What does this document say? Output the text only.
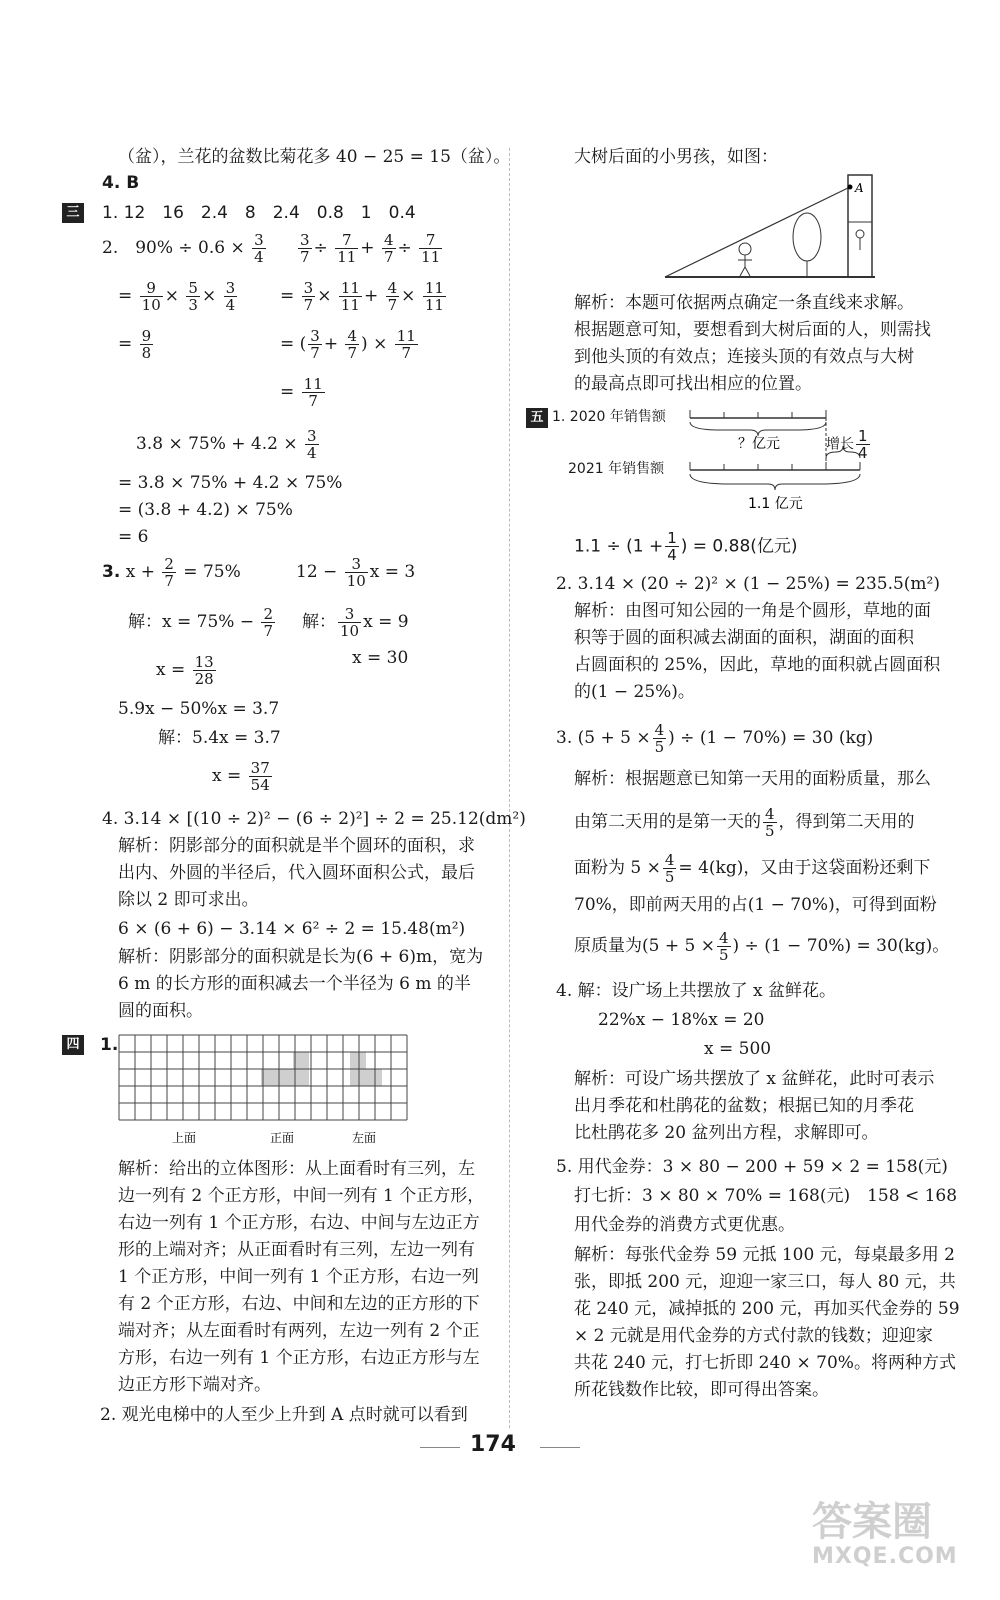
（盆），兰花的盆数比菊花多 40 − 25 = 15（盆）。
4. B
三 1. 12　16　2.4　8　2.4　0.8　1　0.4
2.　$90\% \div 0.6 \times \frac{3}{4}$
= $\frac{9}{10} \times \frac{5}{3} \times \frac{3}{4}$
= $\frac{9}{8}$
$\frac{3}{7} \div \frac{7}{11} + \frac{4}{7} \div \frac{7}{11}$
= $\frac{3}{7} \times \frac{11}{11} + \frac{4}{7} \times \frac{11}{11}$
= ( $\frac{3}{7} + \frac{4}{7}$ ) × $\frac{11}{7}$
= $\frac{11}{7}$
$3.8 \times 75\% + 4.2 \times \frac{3}{4}$
= 3.8 × 75% + 4.2 × 75%
= (3.8 + 4.2) × 75%
= 6
3. $x + \frac{2}{7} = 75\%$	$12 - \frac{3}{10}$ x = 3
解：$x = 75\% - \frac{2}{7}$ 解： $\frac{3}{10}$ x = 9
$x = \frac{13}{28}$	x = 30
5.9x − 50%x = 3.7
解：5.4x = 3.7
$x = \frac{37}{54}$
4. 3.14 × [(10 ÷ 2)² − (6 ÷ 2)²] ÷ 2 = 25.12(dm²)
解析：阴影部分的面积就是半个圆环的面积，求
出内、外圆的半径后，代入圆环面积公式，最后
除以 2 即可求出。
6 × (6 + 6) − 3.14 × 6² ÷ 2 = 15.48(m²)
解析：阴影部分的面积就是长为(6 + 6)m，宽为
6 m 的长方形的面积减去一个半径为 6 m 的半
圆的面积。
四 1.
上面	正面	左面
解析：给出的立体图形：从上面看时有三列，左
边一列有 2 个正方形，中间一列有 1 个正方形，
右边一列有 1 个正方形，右边、中间与左边正方
形的上端对齐；从正面看时有三列，左边一列有
1 个正方形，中间一列有 1 个正方形，右边一列
有 2 个正方形，右边、中间和左边的正方形的下
端对齐；从左面看时有两列，左边一列有 2 个正
方形，右边一列有 1 个正方形，右边正方形与左
边正方形下端对齐。
2. 观光电梯中的人至少上升到 A 点时就可以看到
大树后面的小男孩，如图：
A
解析：本题可依据两点确定一条直线来求解。
根据题意可知，要想看到大树后面的人，则需找
到他头顶的有效点；连接头顶的有效点与大树
的最高点即可找出相应的位置。
五 1. 2020 年销售额
2021 年销售额
？亿元
1.1 亿元
增长 $\frac{1}{4}$
$1.1 \div (1 + \frac{1}{4}$ ) = 0.88(亿元)
2. 3.14 × (20 ÷ 2)² × (1 − 25%) = 235.5(m²)
解析：由图可知公园的一角是个圆形，草地的面
积等于圆的面积减去湖面的面积，湖面的面积
占圆面积的 25%，因此，草地的面积就占圆面积
的(1 − 25%)。
3. ($5 + 5 \times \frac{4}{5}$ ) ÷ (1 − 70%) = 30 (kg)
解析：根据题意已知第一天用的面粉质量，那么
由第二天用的是第一天的 $\frac{4}{5}$ ，得到第二天用的
面粉为 $5 \times \frac{4}{5} = 4(kg)$，又由于这袋面粉还剩下
70%，即前两天用的占(1 − 70%)，可得到面粉
原质量为($5 + 5 \times \frac{4}{5}$ ) ÷ (1 − 70%) = 30(kg)。
4. 解：设广场上共摆放了 x 盆鲜花。
22%x − 18%x = 20
x = 500
解析：可设广场共摆放了 x 盆鲜花，此时可表示
出月季花和杜鹃花的盆数；根据已知的月季花
比杜鹃花多 20 盆列出方程，求解即可。
5. 用代金券：3 × 80 − 200 + 59 × 2 = 158(元)
打七折：3 × 80 × 70% = 168(元)　158 < 168
用代金券的消费方式更优惠。
解析：每张代金券 59 元抵 100 元，每桌最多用 2
张，即抵 200 元，迎迎一家三口，每人 80 元，共
花 240 元，减掉抵的 200 元，再加买代金券的 59
× 2 元就是用代金券的方式付款的钱数；迎迎家
共花 240 元，打七折即 240 × 70%。将两种方式
所花钱数作比较，即可得出答案。
174
答案圈
MXQE.COM
